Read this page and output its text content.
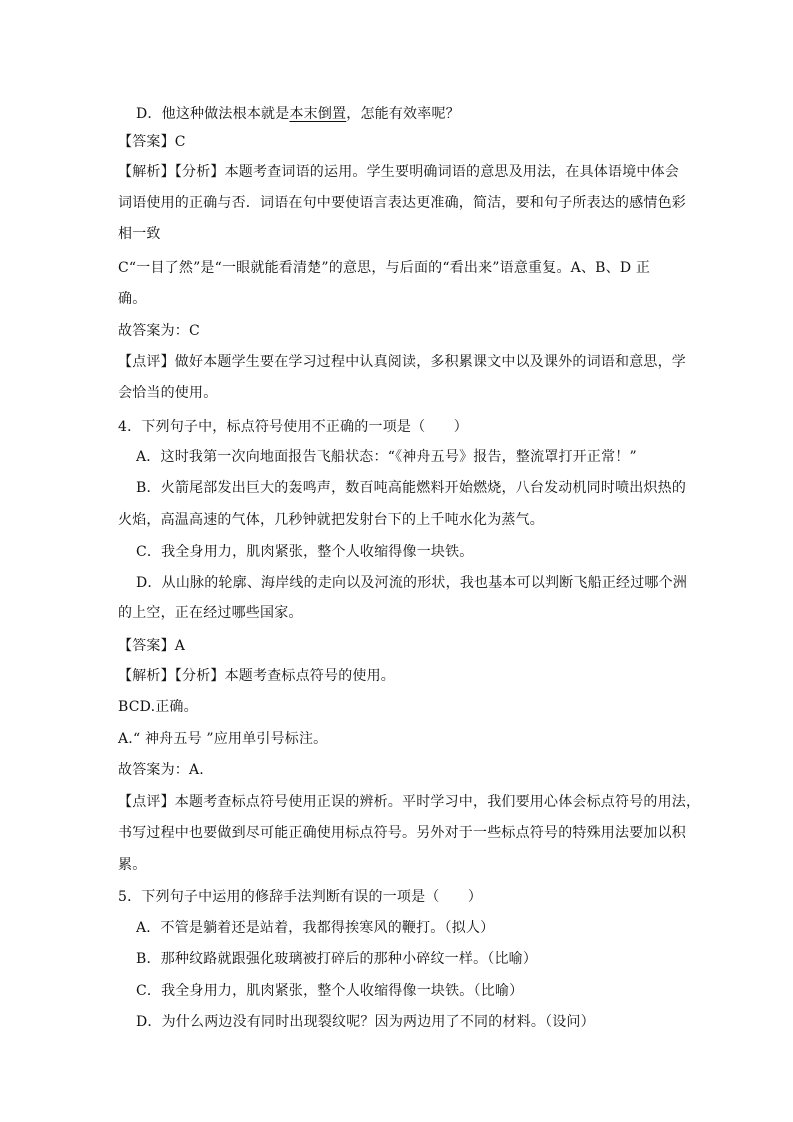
D．他这种做法根本就是本末倒置，怎能有效率呢？
【答案】C
【解析】【分析】本题考查词语的运用。学生要明确词语的意思及用法，在具体语境中体会
词语使用的正确与否．词语在句中要使语言表达更准确，简洁，要和句子所表达的感情色彩
相一致
C“一目了然”是“一眼就能看清楚”的意思，与后面的“看出来”语意重复。A、B、D 正
确。
故答案为：C
【点评】做好本题学生要在学习过程中认真阅读，多积累课文中以及课外的词语和意思，学
会恰当的使用。
4．下列句子中，标点符号使用不正确的一项是（　　）
A．这时我第一次向地面报告飞船状态：“《神舟五号》报告，整流罩打开正常！”
B．火箭尾部发出巨大的轰鸣声，数百吨高能燃料开始燃烧，八台发动机同时喷出炽热的
火焰，高温高速的气体，几秒钟就把发射台下的上千吨水化为蒸气。
C．我全身用力，肌肉紧张，整个人收缩得像一块铁。
D．从山脉的轮廓、海岸线的走向以及河流的形状，我也基本可以判断飞船正经过哪个洲
的上空，正在经过哪些国家。
【答案】A
【解析】【分析】本题考查标点符号的使用。
BCD.正确。
A.“ 神舟五号 ”应用单引号标注。
故答案为：A.
【点评】本题考查标点符号使用正误的辨析。平时学习中，我们要用心体会标点符号的用法，
书写过程中也要做到尽可能正确使用标点符号。另外对于一些标点符号的特殊用法要加以积
累。
5．下列句子中运用的修辞手法判断有误的一项是（　　）
A．不管是躺着还是站着，我都得挨寒风的鞭打。（拟人）
B．那种纹路就跟强化玻璃被打碎后的那种小碎纹一样。（比喻）
C．我全身用力，肌肉紧张，整个人收缩得像一块铁。（比喻）
D．为什么两边没有同时出现裂纹呢？因为两边用了不同的材料。（设问）
